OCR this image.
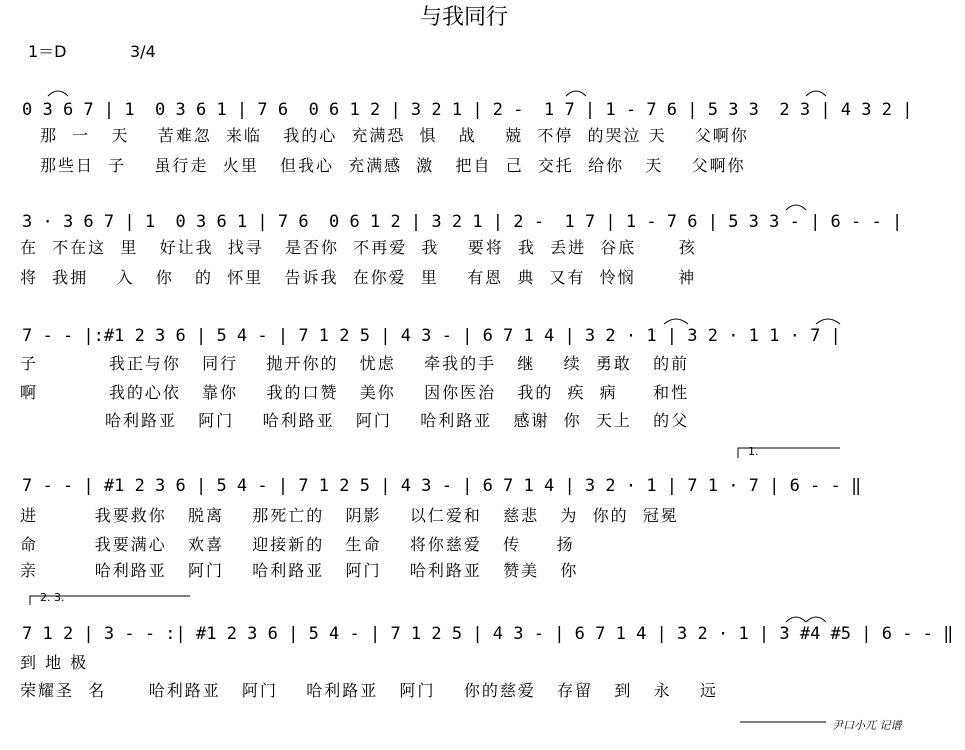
与我同行
1＝D	3/4
0 3 6 7 | 1  0 3 6 1 | 7 6  0 6 1 2 | 3 2 1 | 2 -  1 7 | 1 - 7 6 | 5 3 3  2 3 | 4 3 2 |
那  一   天    苦难忽  来临   我的心  充满恐  惧   战    兢  不停  的哭泣 天    父啊你
那些日  子    虽行走  火里   但我心  充满感  激   把自  己  交托  给你   天    父啊你
3 · 3 6 7 | 1  0 3 6 1 | 7 6  0 6 1 2 | 3 2 1 | 2 -  1 7 | 1 - 7 6 | 5 3 3 - | 6 - - |
在  不在这  里   好让我  找寻   是否你  不再爱  我    要将  我  丢进  谷底      孩
将  我拥    入   你   的  怀里   告诉我  在你爱  里    有恩  典  又有  怜悯      神
7 - - |:#1 2 3 6 | 5 4 - | 7 1 2 5 | 4 3 - | 6 7 1 4 | 3 2 · 1 | 3 2 · 1 1 · 7 |
子          我正与你   同行    抛开你的   忧虑    牵我的手   继    续  勇敢   的前
啊          我的心依   靠你    我的口赞   美你    因你医治   我的  疾  病     和性
哈利路亚   阿门    哈利路亚   阿门    哈利路亚   感谢  你  天上   的父
1.
7 - - | #1 2 3 6 | 5 4 - | 7 1 2 5 | 4 3 - | 6 7 1 4 | 3 2 · 1 | 7 1 · 7 | 6 - - ‖
进        我要救你   脱离    那死亡的   阴影    以仁爱和   慈悲   为  你的  冠冕
命        我要满心   欢喜    迎接新的   生命    将你慈爱   传     扬
亲        哈利路亚   阿门    哈利路亚   阿门    哈利路亚   赞美   你
2. 3.
7 1 2 | 3 - - :| #1 2 3 6 | 5 4 - | 7 1 2 5 | 4 3 - | 6 7 1 4 | 3 2 · 1 | 3 #4 #5 | 6 - - ‖
到 地 极
荣耀圣  名      哈利路亚   阿门    哈利路亚   阿门    你的慈爱   存留   到   永    远
尹口小兀 记谱
